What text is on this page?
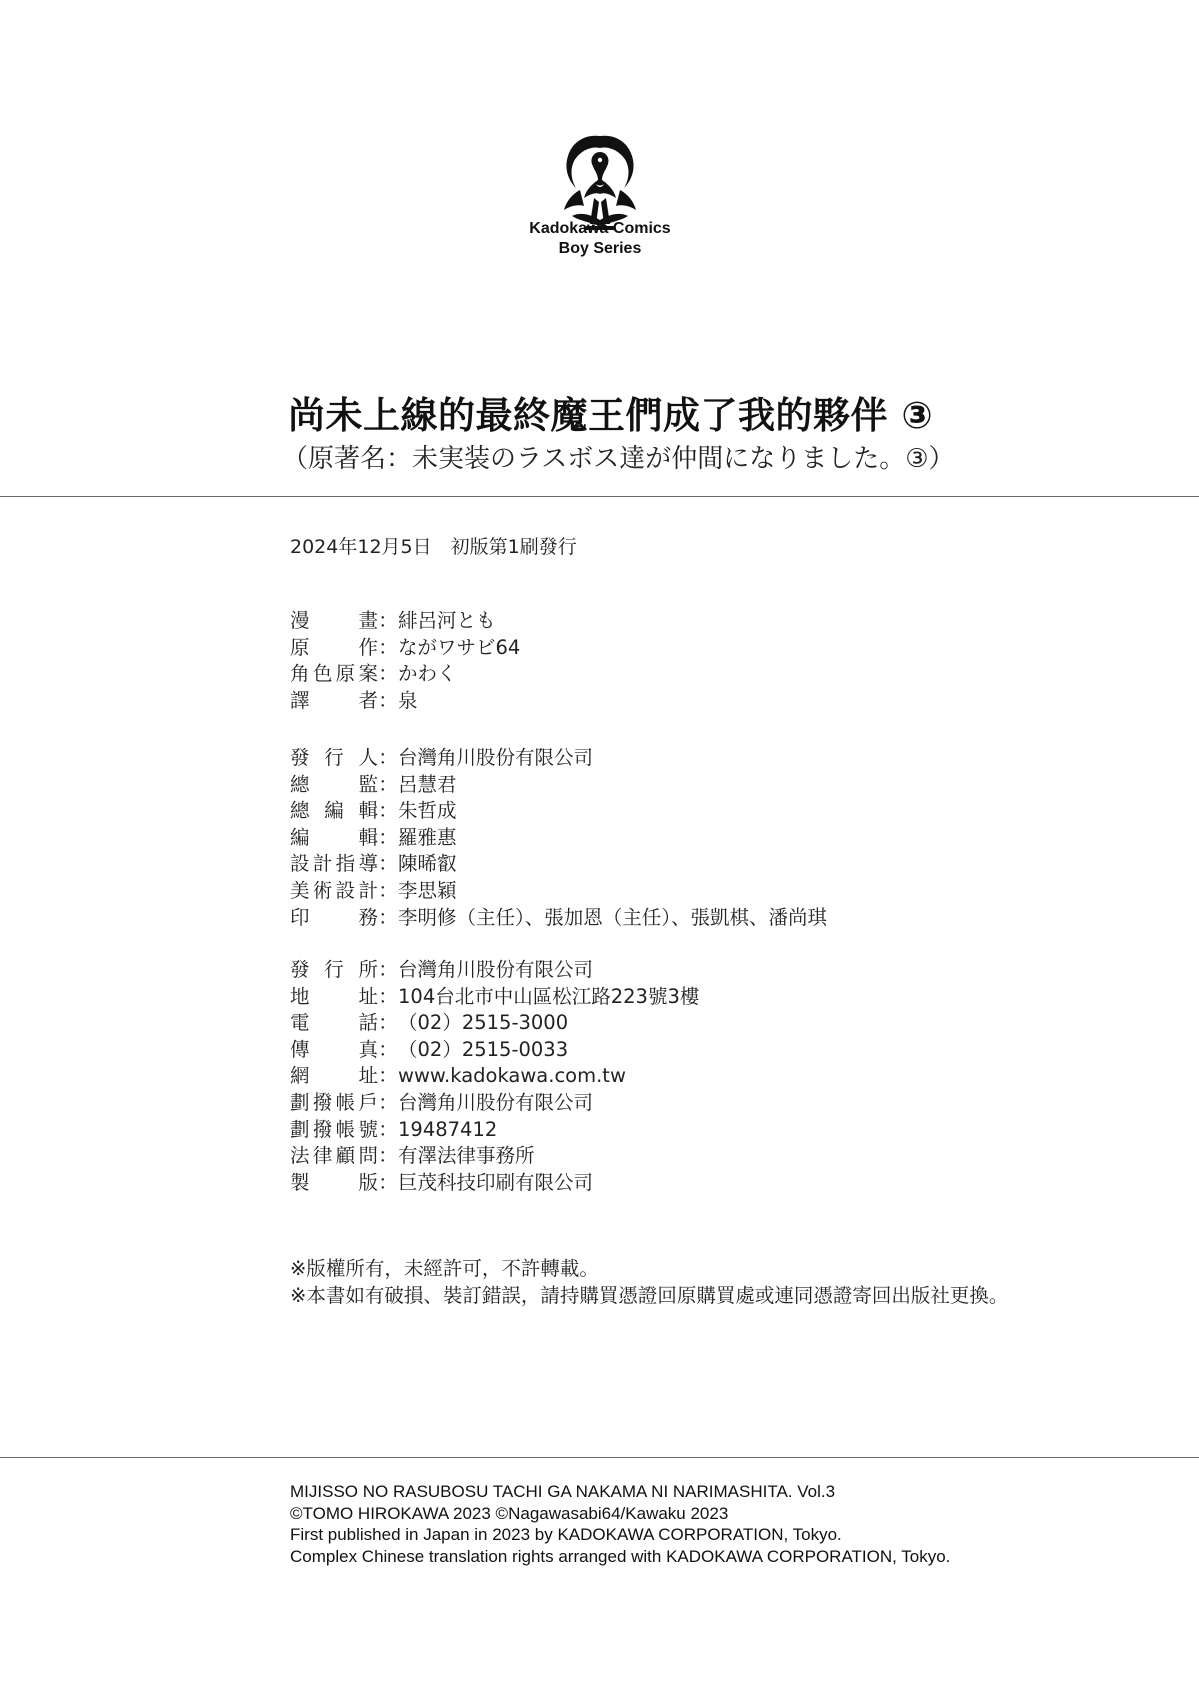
Kadokawa Comics
Boy Series
尚未上線的最終魔王們成了我的夥伴 ③
（原著名：未実装のラスボス達が仲間になりました。③）
2024年12月5日　初版第1刷發行
漫	畫 ： 緋呂河とも
原	作 ： ながワサビ64
角 色 原 案 ： かわく
譯	者 ： 泉
發 行 人 ： 台灣角川股份有限公司
總	監 ： 呂慧君
總 編 輯 ： 朱哲成
編	輯 ： 羅雅惠
設 計 指 導 ： 陳晞叡
美 術 設 計 ： 李思穎
印	務 ： 李明修（主任）、張加恩（主任）、張凱棋、潘尚琪
發 行 所 ： 台灣角川股份有限公司
地	址 ： 104台北市中山區松江路223號3樓
電	話 ： （02）2515-3000
傳	真 ： （02）2515-0033
網	址 ： www.kadokawa.com.tw
劃 撥 帳 戶 ： 台灣角川股份有限公司
劃 撥 帳 號 ： 19487412
法 律 顧 問 ： 有澤法律事務所
製	版 ： 巨茂科技印刷有限公司
※版權所有，未經許可，不許轉載。
※本書如有破損、裝訂錯誤，請持購買憑證回原購買處或連同憑證寄回出版社更換。
MIJISSO NO RASUBOSU TACHI GA NAKAMA NI NARIMASHITA. Vol.3
©TOMO HIROKAWA 2023 ©Nagawasabi64/Kawaku 2023
First published in Japan in 2023 by KADOKAWA CORPORATION, Tokyo.
Complex Chinese translation rights arranged with KADOKAWA CORPORATION, Tokyo.
